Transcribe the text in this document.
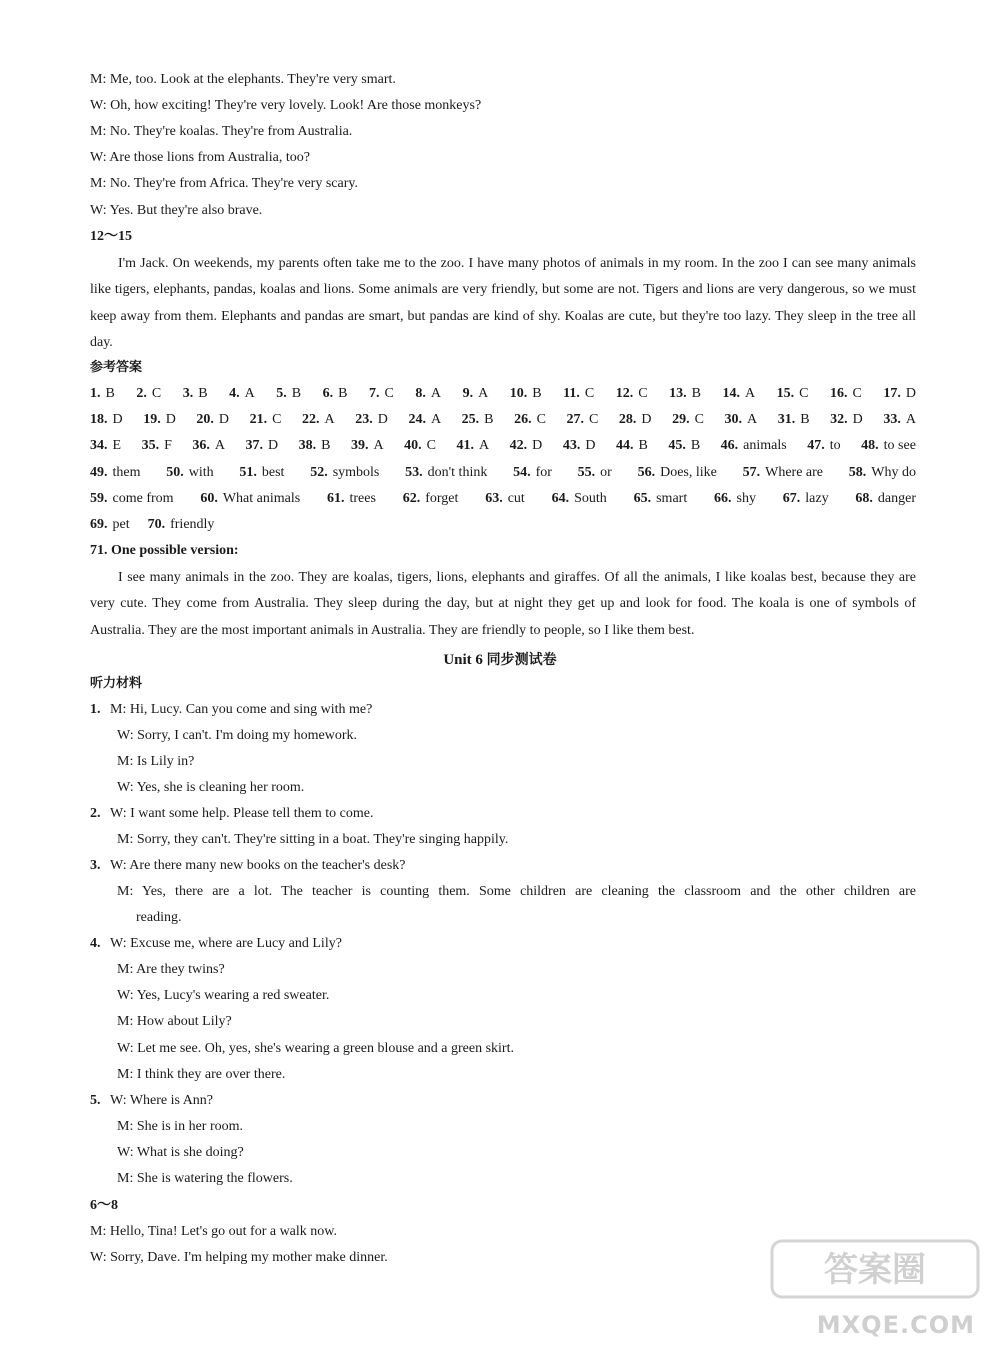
M: Me, too. Look at the elephants. They're very smart.
W: Oh, how exciting! They're very lovely. Look! Are those monkeys?
M: No. They're koalas. They're from Australia.
W: Are those lions from Australia, too?
M: No. They're from Africa. They're very scary.
W: Yes. But they're also brave.
12～15
I'm Jack. On weekends, my parents often take me to the zoo. I have many photos of animals in my room. In the zoo I can see many animals like tigers, elephants, pandas, koalas and lions. Some animals are very friendly, but some are not. Tigers and lions are very dangerous, so we must keep away from them. Elephants and pandas are smart, but pandas are kind of shy. Koalas are cute, but they're too lazy. They sleep in the tree all day.
参考答案
1. B 2. C 3. B 4. A 5. B 6. B 7. C 8. A 9. A 10. B 11. C 12. C 13. B 14. A 15. C 16. C 17. D
18. D 19. D 20. D 21. C 22. A 23. D 24. A 25. B 26. C 27. C 28. D 29. C 30. A 31. B 32. D 33. A
34. E 35. F 36. A 37. D 38. B 39. A 40. C 41. A 42. D 43. D 44. B 45. B 46. animals 47. to 48. to see
49. them 50. with 51. best 52. symbols 53. don't think 54. for 55. or 56. Does, like 57. Where are 58. Why do
59. come from 60. What animals 61. trees 62. forget 63. cut 64. South 65. smart 66. shy 67. lazy 68. danger
69. pet 70. friendly
71. One possible version:
I see many animals in the zoo. They are koalas, tigers, lions, elephants and giraffes. Of all the animals, I like koalas best, because they are very cute. They come from Australia. They sleep during the day, but at night they get up and look for food. The koala is one of symbols of Australia. They are the most important animals in Australia. They are friendly to people, so I like them best.
Unit 6 同步测试卷
听力材料
1. M: Hi, Lucy. Can you come and sing with me?
W: Sorry, I can't. I'm doing my homework.
M: Is Lily in?
W: Yes, she is cleaning her room.
2. W: I want some help. Please tell them to come.
M: Sorry, they can't. They're sitting in a boat. They're singing happily.
3. W: Are there many new books on the teacher's desk?
M: Yes, there are a lot. The teacher is counting them. Some children are cleaning the classroom and the other children are
reading.
4. W: Excuse me, where are Lucy and Lily?
M: Are they twins?
W: Yes, Lucy's wearing a red sweater.
M: How about Lily?
W: Let me see. Oh, yes, she's wearing a green blouse and a green skirt.
M: I think they are over there.
5. W: Where is Ann?
M: She is in her room.
W: What is she doing?
M: She is watering the flowers.
6～8
M: Hello, Tina! Let's go out for a walk now.
W: Sorry, Dave. I'm helping my mother make dinner.	答案圈
MXQE.COM
